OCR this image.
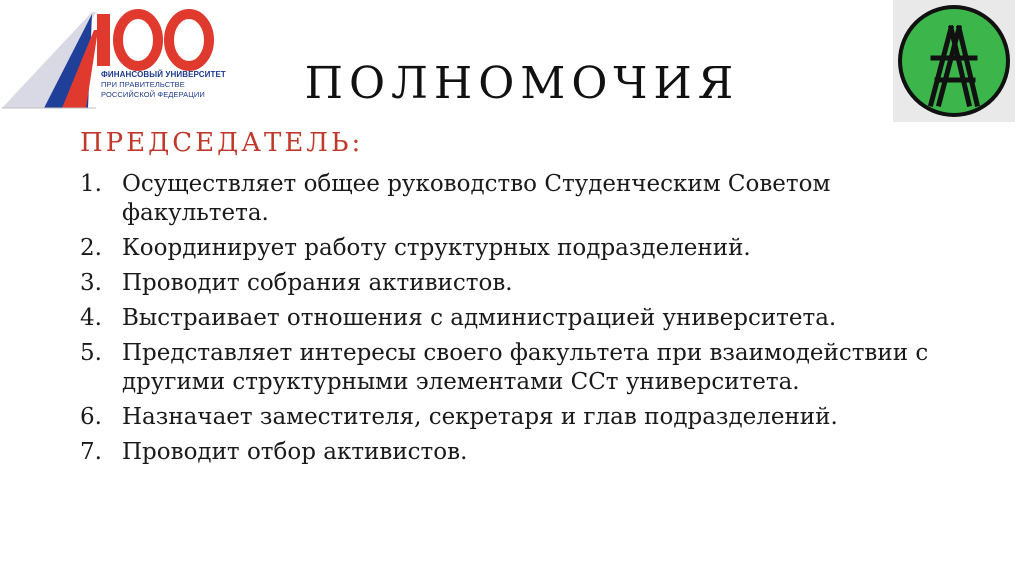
ФИНАНСОВЫЙ УНИВЕРСИТЕТ
ПРИ ПРАВИТЕЛЬСТВЕ
РОССИЙСКОЙ ФЕДЕРАЦИИ	ПОЛНОМОЧИЯ
ПРЕДСЕДАТЕЛЬ:
1. Осуществляет общее руководство Студенческим Советом факультета.
2. Координирует работу структурных подразделений.
3. Проводит собрания активистов.
4. Выстраивает отношения с администрацией университета.
5. Представляет интересы своего факультета при взаимодействии с другими структурными элементами ССт университета.
6. Назначает заместителя, секретаря и глав подразделений.
7. Проводит отбор активистов.
